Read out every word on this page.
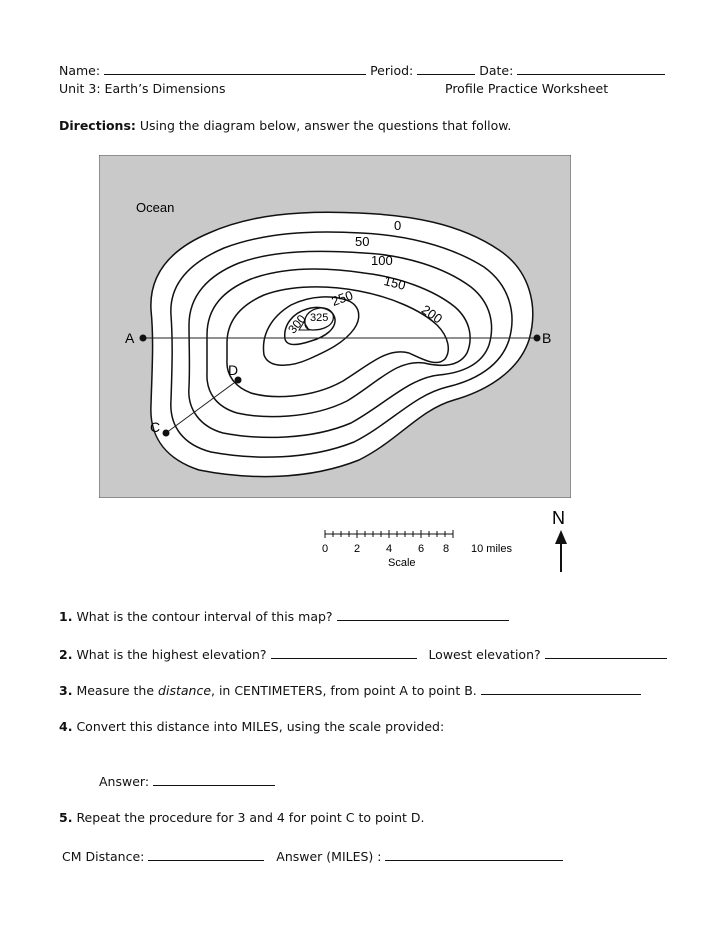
Name:	Period:	Date:
Unit 3: Earth’s Dimensions	Profile Practice Worksheet
Directions: Using the diagram below, answer the questions that follow.
Ocean
0
50
100
150
200
250
300 325
A	B
C
D
0 2 4 6 8 10 miles
Scale
N
1. What is the contour interval of this map?
2. What is the highest elevation?	Lowest elevation?
3. Measure the distance, in CENTIMETERS, from point A to point B.
4. Convert this distance into MILES, using the scale provided:
Answer:
5. Repeat the procedure for 3 and 4 for point C to point D.
CM Distance:	Answer (MILES) :
